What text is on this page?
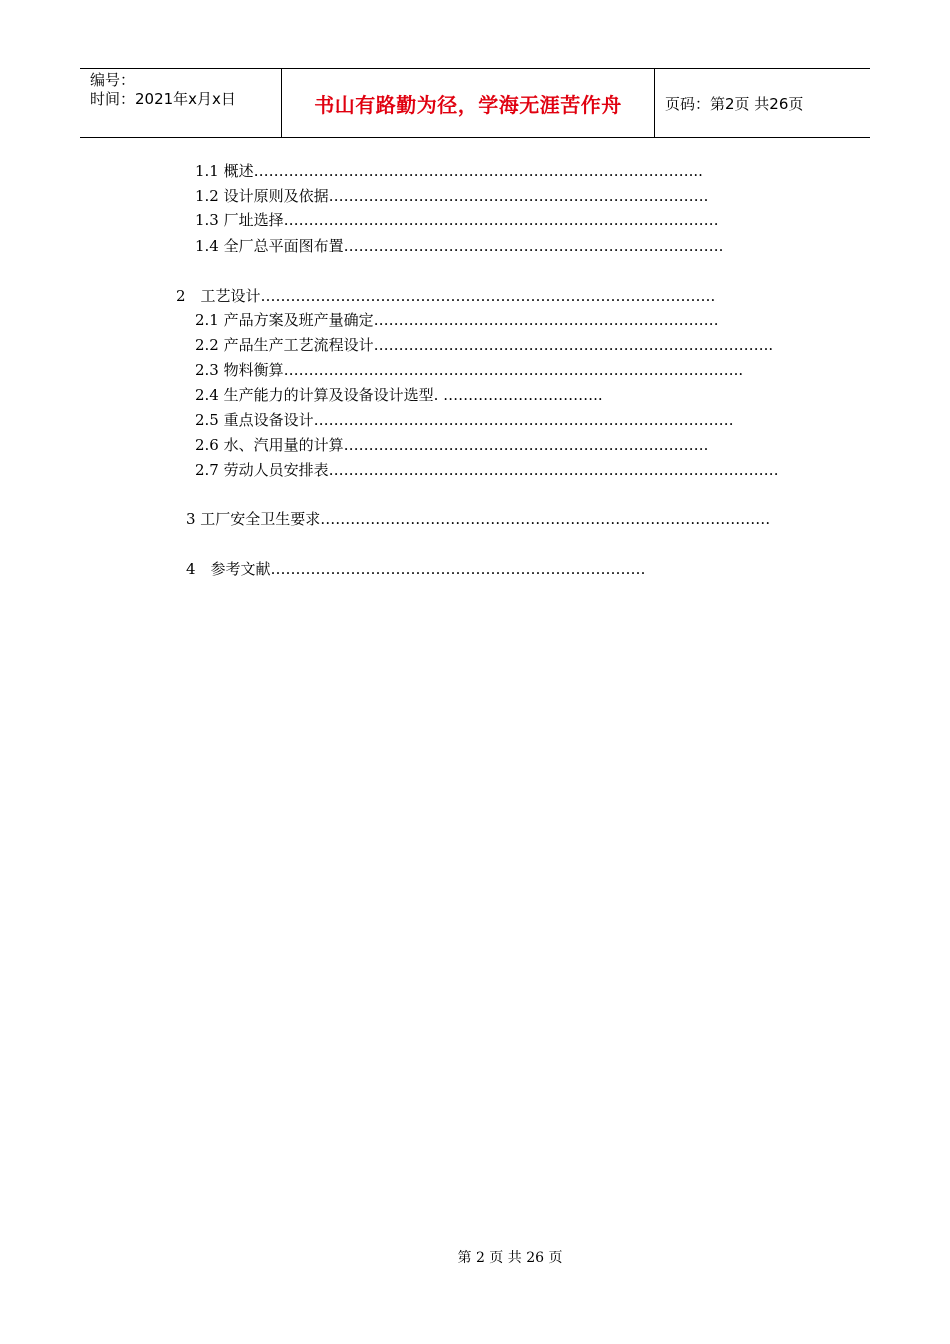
编号：
时间：2021年x月x日	书山有路勤为径，学海无涯苦作舟	页码：第2页 共26页
1.1 概述……………………………………………………………………………...
1.2 设计原则及依据………………………………………………………………….
1.3 厂址选择……………………………………………………………………………
1.4 全厂总平面图布置………………………………………………………………….
2　工艺设计……………………………………………………………………………….
2.1 产品方案及班产量确定……………………………………………………………
2.2 产品生产工艺流程设计……………………………………………………………………..
2.3 物料衡算………………………………………………………………………………..
2.4 生产能力的计算及设备设计选型. …………………………..
2.5 重点设备设计…………………………………………………………………………
2.6 水、汽用量的计算……………………………………………………………….
2.7 劳动人员安排表………………………………………………………………………………
3 工厂安全卫生要求………………………………………………………………………………
4　参考文献…………………………………………………………………
第 2 页 共 26 页
